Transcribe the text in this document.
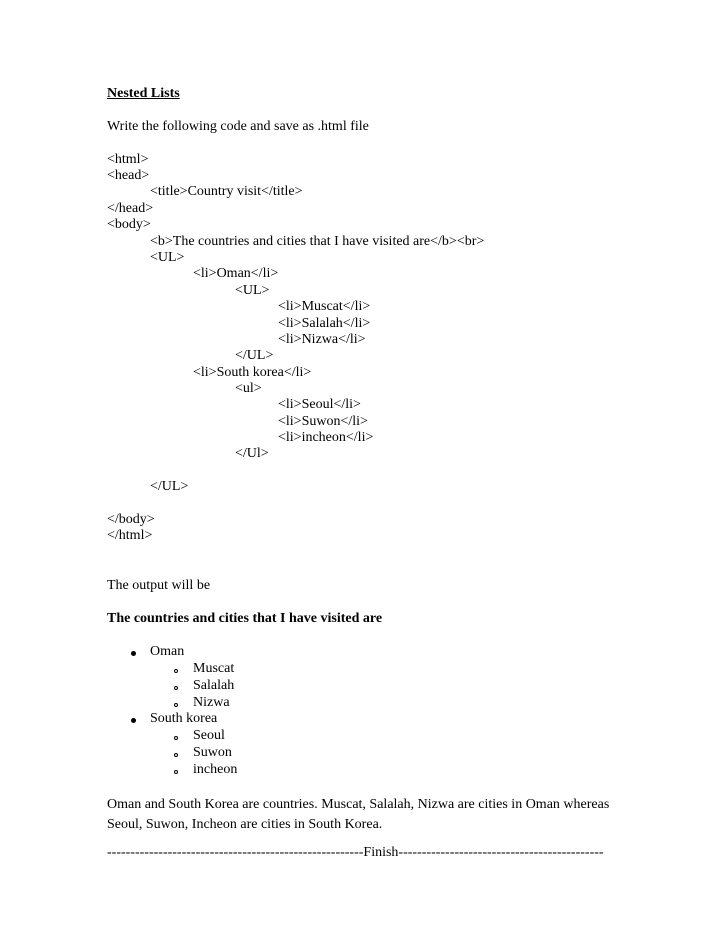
Nested Lists
Write the following code and save as .html file
<html>
<head>
<title>Country visit</title>
</head>
<body>
<b>The countries and cities that I have visited are</b><br>
<UL>
<li>Oman</li>
<UL>
<li>Muscat</li>
<li>Salalah</li>
<li>Nizwa</li>
</UL>
<li>South korea</li>
<ul>
<li>Seoul</li>
<li>Suwon</li>
<li>incheon</li>
</Ul>
</UL>
</body>
</html>
The output will be
The countries and cities that I have visited are
Oman
Muscat
Salalah
Nizwa
South korea
Seoul
Suwon
incheon
Oman and South Korea are countries. Muscat, Salalah, Nizwa are cities in Oman whereas Seoul, Suwon, Incheon are cities in South Korea.
-------------------------------------------------------Finish--------------------------------------------
